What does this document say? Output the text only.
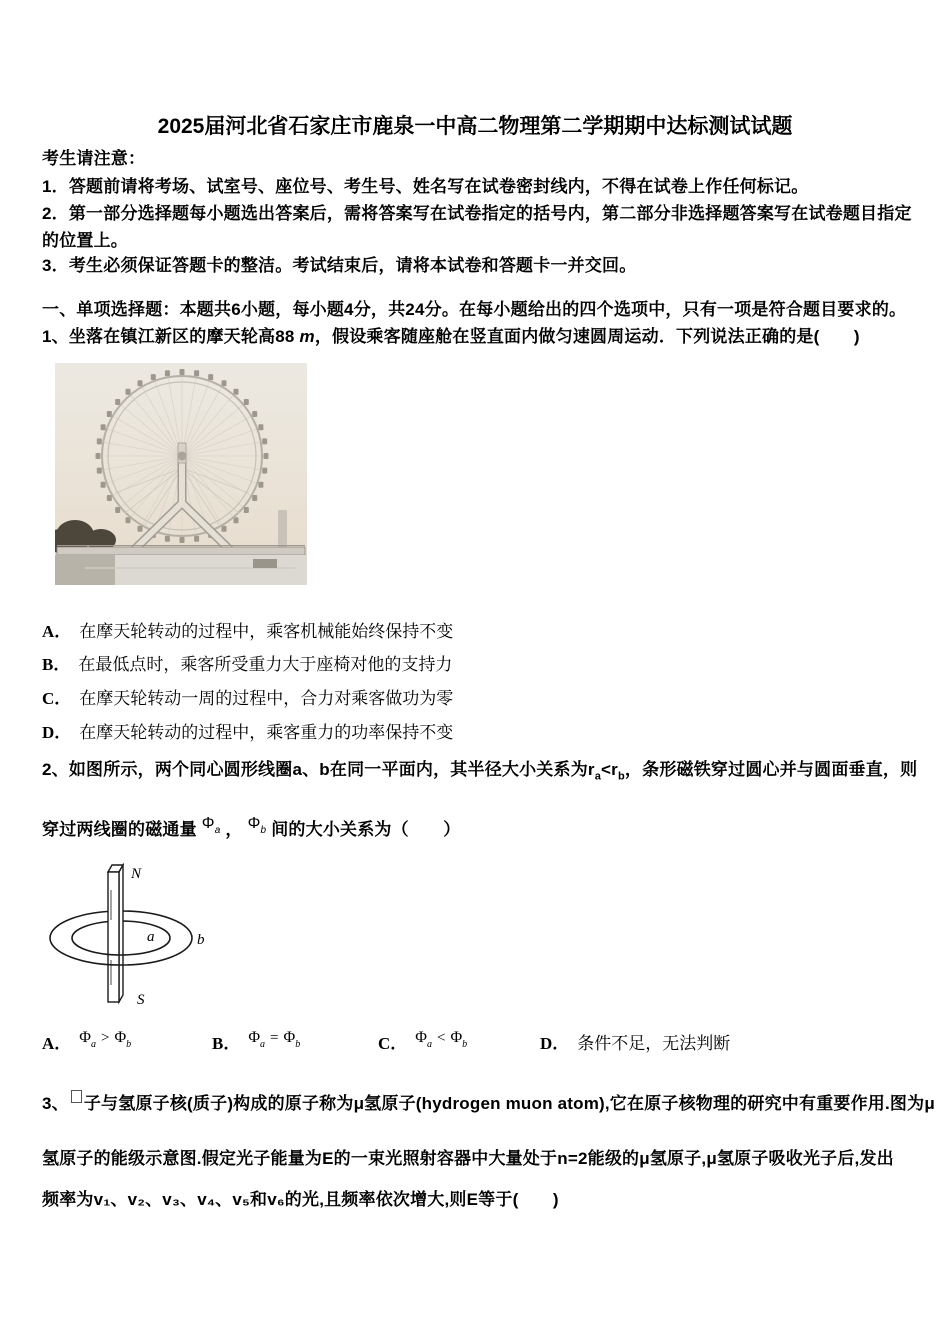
2025届河北省石家庄市鹿泉一中高二物理第二学期期中达标测试试题
考生请注意：
1．答题前请将考场、试室号、座位号、考生号、姓名写在试卷密封线内，不得在试卷上作任何标记。
2．第一部分选择题每小题选出答案后，需将答案写在试卷指定的括号内，第二部分非选择题答案写在试卷题目指定
的位置上。
3．考生必须保证答题卡的整洁。考试结束后，请将本试卷和答题卡一并交回。
一、单项选择题：本题共6小题，每小题4分，共24分。在每小题给出的四个选项中，只有一项是符合题目要求的。
1、坐落在镇江新区的摩天轮高88 m，假设乘客随座舱在竖直面内做匀速圆周运动．下列说法正确的是(　　)
A． 在摩天轮转动的过程中，乘客机械能始终保持不变
B． 在最低点时，乘客所受重力大于座椅对他的支持力
C． 在摩天轮转动一周的过程中，合力对乘客做功为零
D． 在摩天轮转动的过程中，乘客重力的功率保持不变
2、如图所示，两个同心圆形线圈a、b在同一平面内，其半径大小关系为$r_a<r_b$，条形磁铁穿过圆心并与圆面垂直，则
穿过两线圈的磁通量 $\Phi_a$ ， $\Phi_b$ 间的大小关系为（　　）
N
S
a	b
A． $\Phi_a > \Phi_b$	B． $\Phi_a = \Phi_b$	C． $\Phi_a < \Phi_b$	D． 条件不足，无法判断
3、 子与氢原子核(质子)构成的原子称为μ氢原子(hydrogen muon atom),它在原子核物理的研究中有重要作用.图为μ
氢原子的能级示意图.假定光子能量为E的一束光照射容器中大量处于n=2能级的μ氢原子,μ氢原子吸收光子后,发出
频率为v₁、v₂、v₃、v₄、v₅和v₆的光,且频率依次增大,则E等于(　　)
